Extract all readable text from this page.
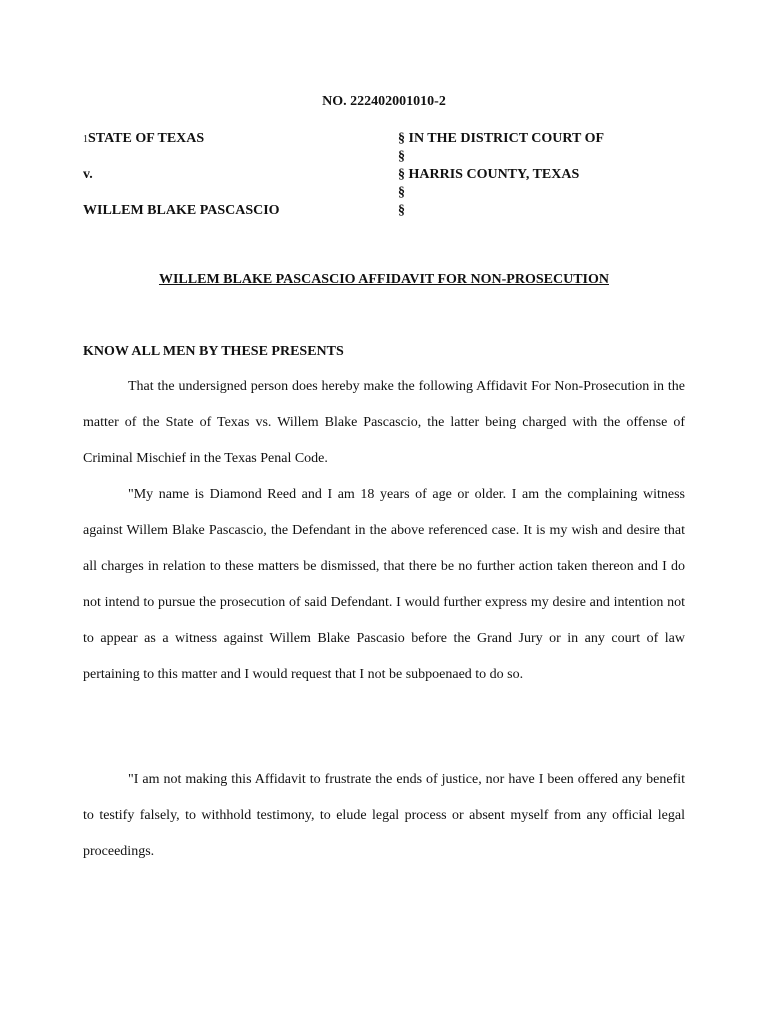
NO. 222402001010-2
1STATE OF TEXAS
v.
WILLEM BLAKE PASCASCIO
§ IN THE DISTRICT COURT OF
§
§ HARRIS COUNTY, TEXAS
§
§
WILLEM BLAKE PASCASCIO AFFIDAVIT FOR NON-PROSECUTION
KNOW ALL MEN BY THESE PRESENTS

That the undersigned person does hereby make the following Affidavit For Non-Prosecution in the matter of the State of Texas vs. Willem Blake Pascascio, the latter being charged with the offense of Criminal Mischief in the Texas Penal Code.

"My name is Diamond Reed and I am 18 years of age or older. I am the complaining witness against Willem Blake Pascascio, the Defendant in the above referenced case. It is my wish and desire that all charges in relation to these matters be dismissed, that there be no further action taken thereon and I do not intend to pursue the prosecution of said Defendant. I would further express my desire and intention not to appear as a witness against Willem Blake Pascasio before the Grand Jury or in any court of law pertaining to this matter and I would request that I not be subpoenaed to do so.

"I am not making this Affidavit to frustrate the ends of justice, nor have I been offered any benefit to testify falsely, to withhold testimony, to elude legal process or absent myself from any official legal proceedings.
